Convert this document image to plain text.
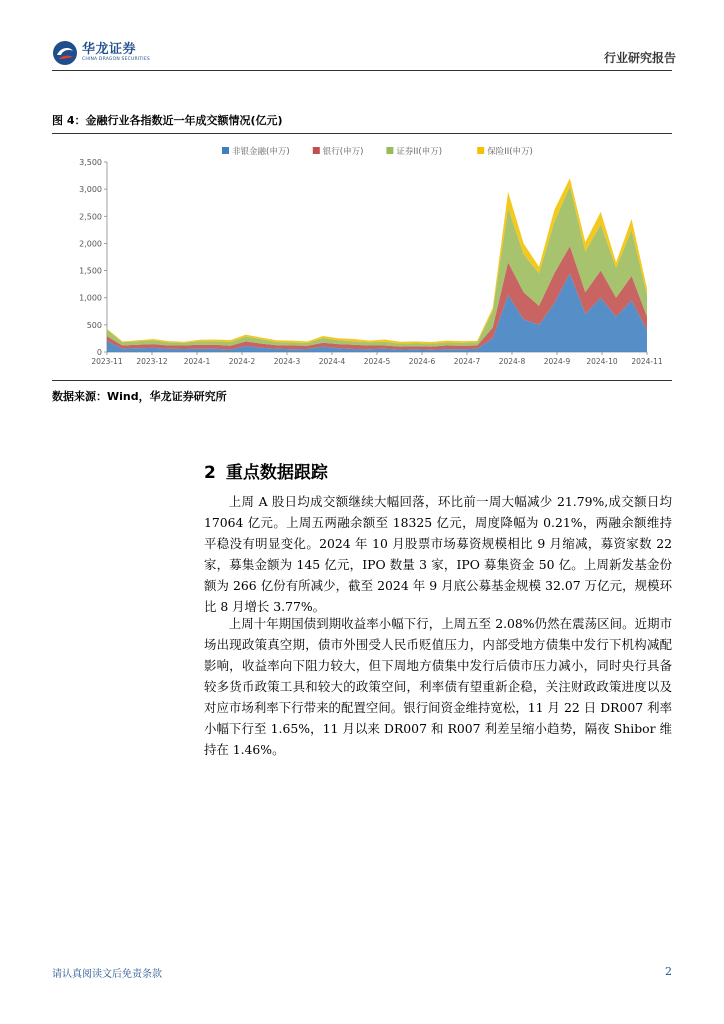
华龙证券
CHINA DRAGON SECURITIES	行业研究报告
图 4：金融行业各指数近一年成交额情况(亿元)
非银金融(申万)	银行(申万)	证券II(申万)	保险II(申万)
2023-11 2023-12 2024-1 2024-2 2024-3 2024-4 2024-5 2024-6 2024-7 2024-8 2024-9 2024-10 2024-11
0
500
1,000
1,500
2,000
2,500
3,000
3,500
数据来源：Wind，华龙证券研究所
2 重点数据跟踪

上周 A 股日均成交额继续大幅回落，环比前一周大幅减少 21.79%,成交额日均 17064 亿元。上周五两融余额至 18325 亿元，周度降幅为 0.21%，两融余额维持平稳没有明显变化。2024 年 10 月股票市场募资规模相比 9 月缩减，募资家数 22 家，募集金额为 145 亿元，IPO 数量 3 家，IPO 募集资金 50 亿。上周新发基金份额为 266 亿份有所减少，截至 2024 年 9 月底公募基金规模 32.07 万亿元，规模环比 8 月增长 3.77%。

上周十年期国债到期收益率小幅下行，上周五至 2.08%仍然在震荡区间。近期市场出现政策真空期，债市外围受人民币贬值压力，内部受地方债集中发行下机构减配影响，收益率向下阻力较大，但下周地方债集中发行后债市压力减小，同时央行具备较多货币政策工具和较大的政策空间，利率债有望重新企稳，关注财政政策进度以及对应市场利率下行带来的配置空间。银行间资金维持宽松，11 月 22 日 DR007 利率小幅下行至 1.65%，11 月以来 DR007 和 R007 利差呈缩小趋势，隔夜 Shibor 维持在 1.46%。

请认真阅读文后免责条款	2
